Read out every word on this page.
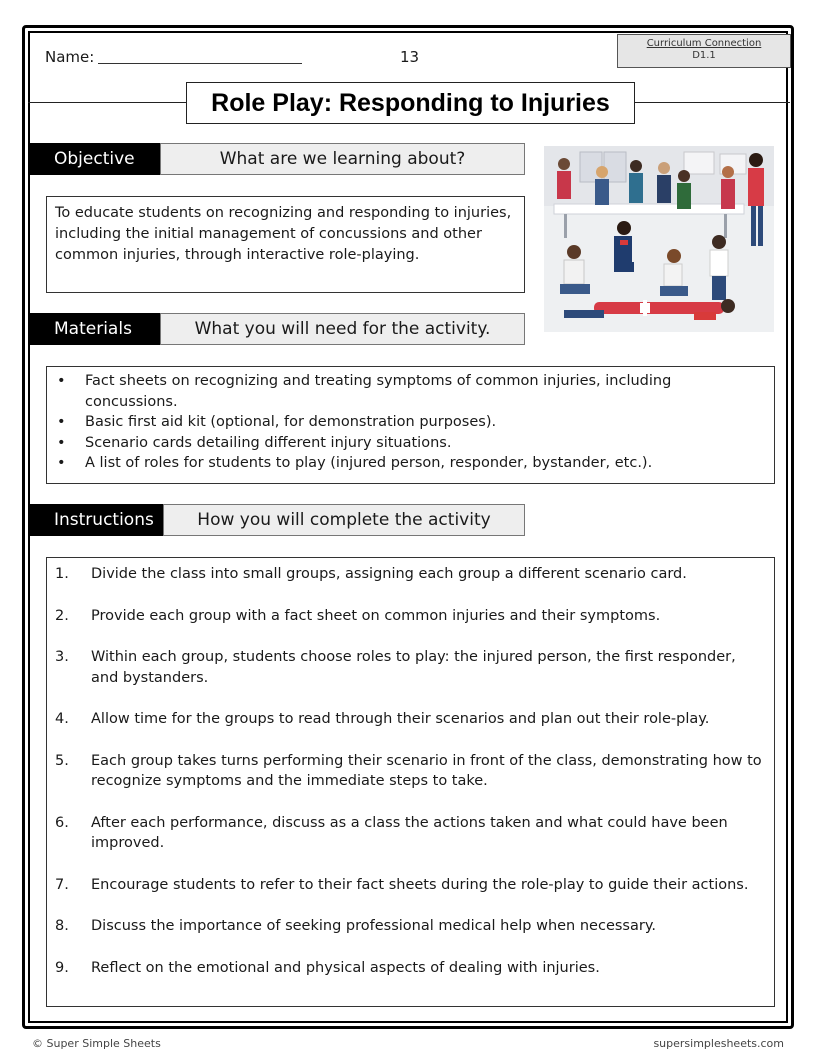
Name:	13
Curriculum Connection
D1.1
Role Play: Responding to Injuries
Objective	What are we learning about?
To educate students on recognizing and responding to injuries, including the initial management of concussions and other common injuries, through interactive role-playing.
Materials	What you will need for the activity.
• Fact sheets on recognizing and treating symptoms of common injuries, including concussions.
• Basic first aid kit (optional, for demonstration purposes).
• Scenario cards detailing different injury situations.
• A list of roles for students to play (injured person, responder, bystander, etc.).
Instructions	How you will complete the activity
1. Divide the class into small groups, assigning each group a different scenario card.
2. Provide each group with a fact sheet on common injuries and their symptoms.
3. Within each group, students choose roles to play: the injured person, the first responder, and bystanders.
4. Allow time for the groups to read through their scenarios and plan out their role-play.
5. Each group takes turns performing their scenario in front of the class, demonstrating how to recognize symptoms and the immediate steps to take.
6. After each performance, discuss as a class the actions taken and what could have been improved.
7. Encourage students to refer to their fact sheets during the role-play to guide their actions.
8. Discuss the importance of seeking professional medical help when necessary.
9. Reflect on the emotional and physical aspects of dealing with injuries.
© Super Simple Sheets	supersimplesheets.com
